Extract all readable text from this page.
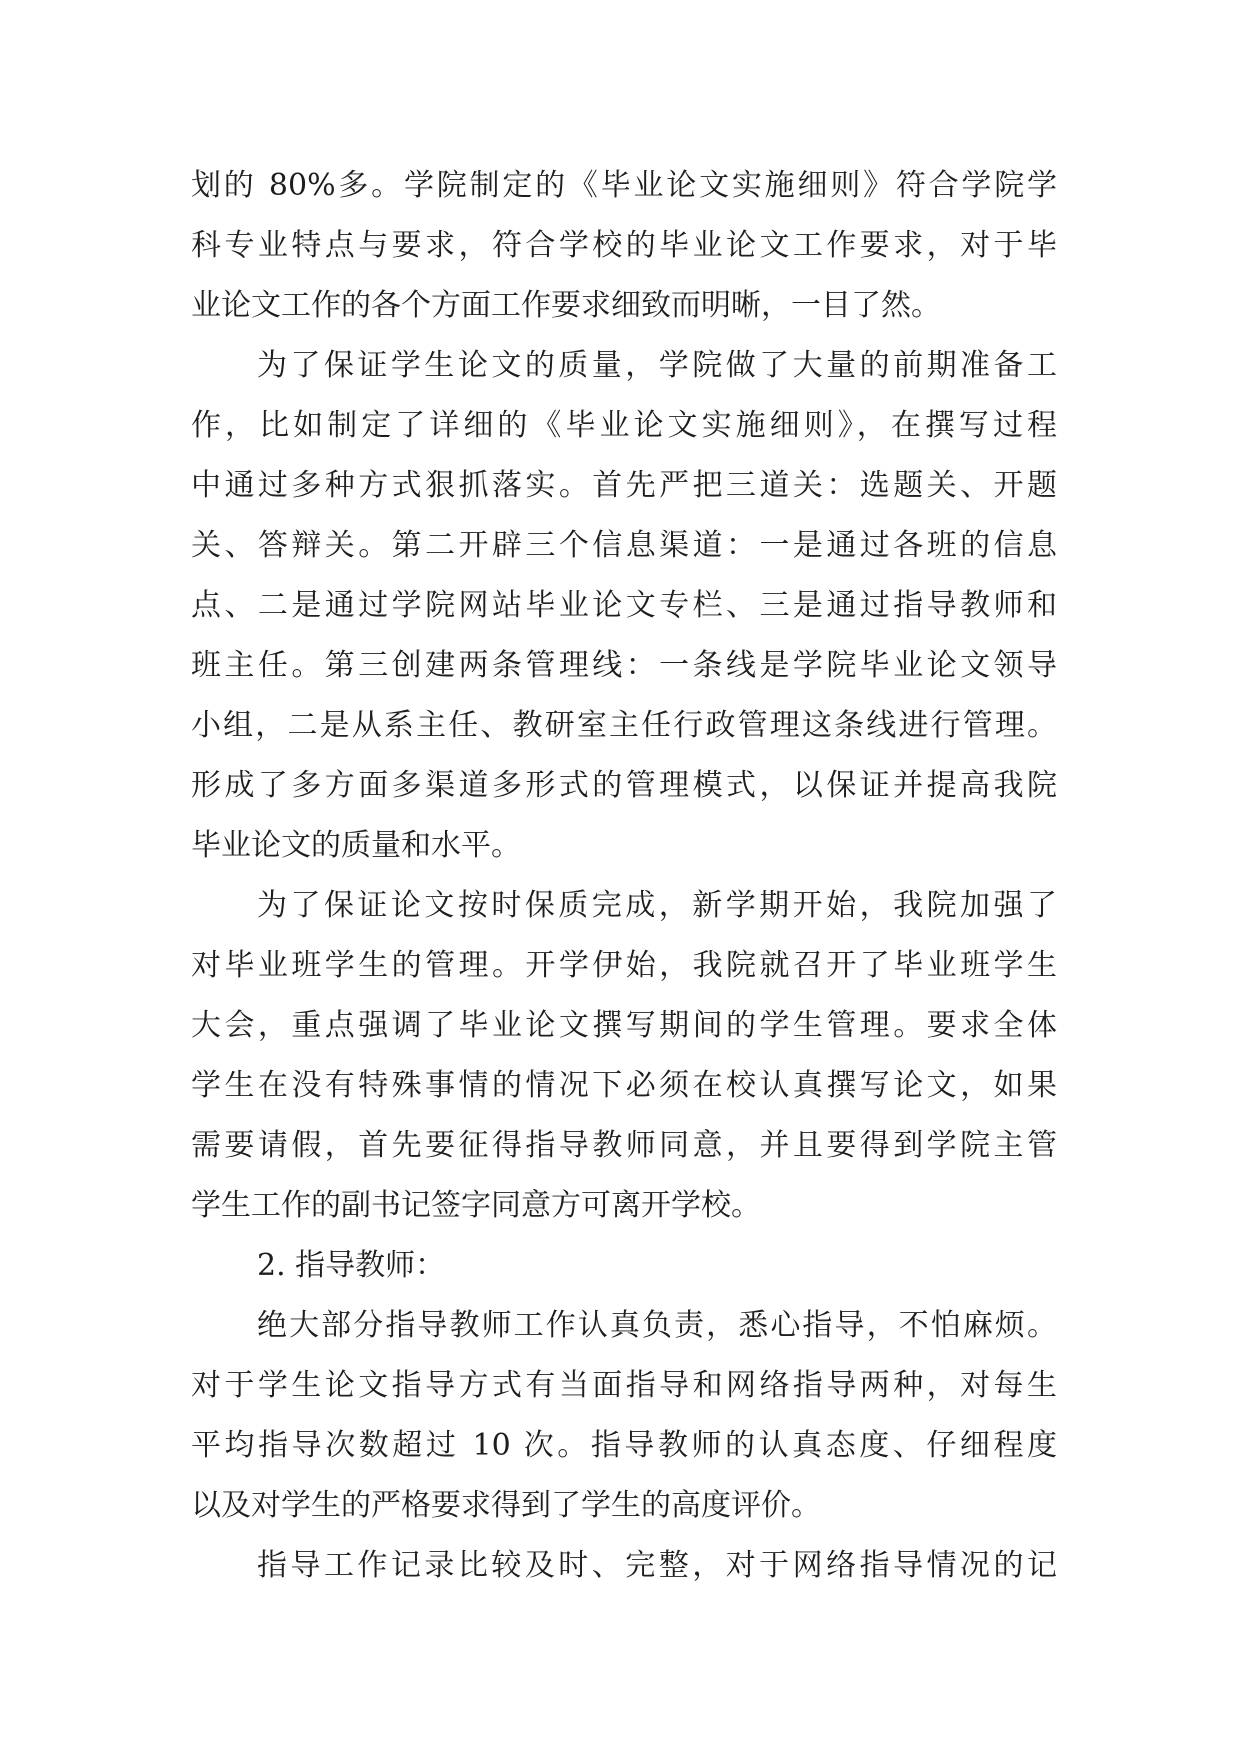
划的 80%多。学院制定的《毕业论文实施细则》符合学院学
科专业特点与要求，符合学校的毕业论文工作要求，对于毕
业论文工作的各个方面工作要求细致而明晰，一目了然。
为了保证学生论文的质量，学院做了大量的前期准备工
作，比如制定了详细的《毕业论文实施细则》，在撰写过程
中通过多种方式狠抓落实。首先严把三道关：选题关、开题
关、答辩关。第二开辟三个信息渠道：一是通过各班的信息
点、二是通过学院网站毕业论文专栏、三是通过指导教师和
班主任。第三创建两条管理线：一条线是学院毕业论文领导
小组，二是从系主任、教研室主任行政管理这条线进行管理。
形成了多方面多渠道多形式的管理模式，以保证并提高我院
毕业论文的质量和水平。
为了保证论文按时保质完成，新学期开始，我院加强了
对毕业班学生的管理。开学伊始，我院就召开了毕业班学生
大会，重点强调了毕业论文撰写期间的学生管理。要求全体
学生在没有特殊事情的情况下必须在校认真撰写论文，如果
需要请假，首先要征得指导教师同意，并且要得到学院主管
学生工作的副书记签字同意方可离开学校。
2. 指导教师：
绝大部分指导教师工作认真负责，悉心指导，不怕麻烦。
对于学生论文指导方式有当面指导和网络指导两种，对每生
平均指导次数超过 10 次。指导教师的认真态度、仔细程度
以及对学生的严格要求得到了学生的高度评价。
指导工作记录比较及时、完整，对于网络指导情况的记
